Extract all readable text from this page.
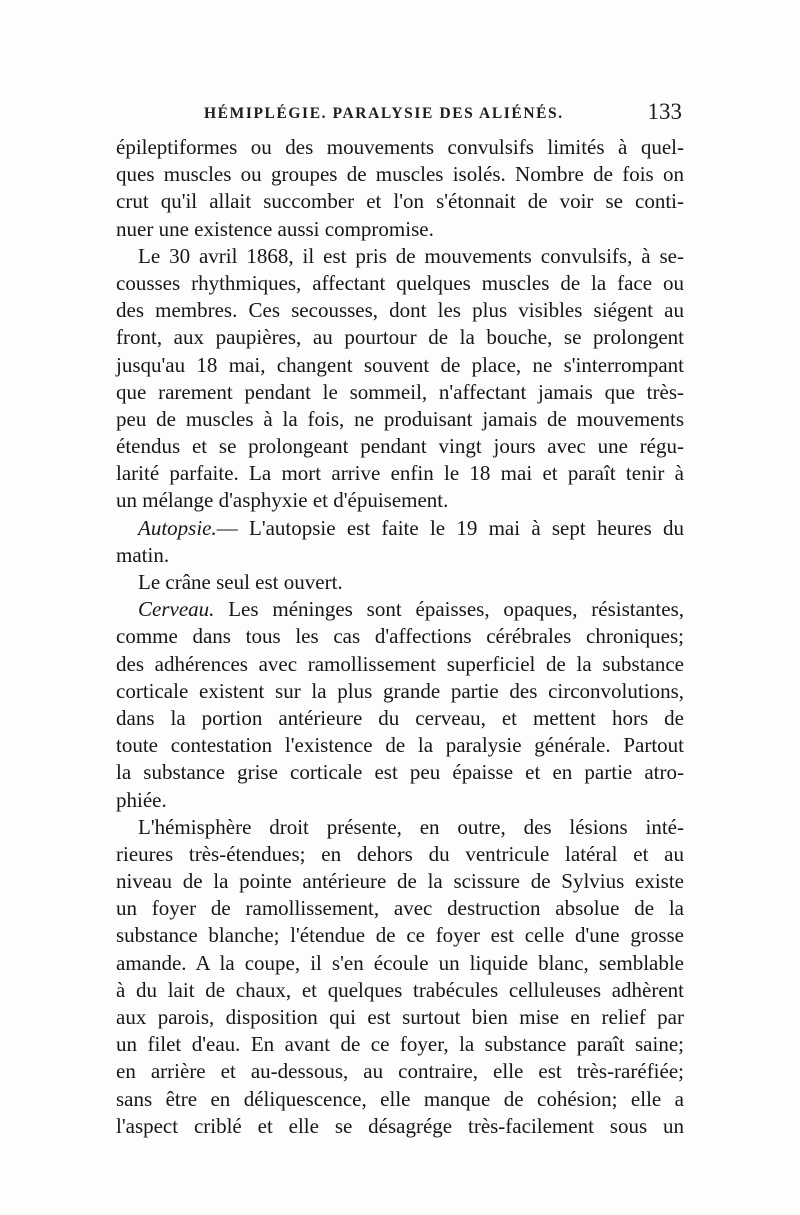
HÉMIPLÉGIE. PARALYSIE DES ALIÉNÉS.	133
épileptiformes ou des mouvements convulsifs limités à quel-
ques muscles ou groupes de muscles isolés. Nombre de fois on
crut qu'il allait succomber et l'on s'étonnait de voir se conti-
nuer une existence aussi compromise.
Le 30 avril 1868, il est pris de mouvements convulsifs, à se-
cousses rhythmiques, affectant quelques muscles de la face ou
des membres. Ces secousses, dont les plus visibles siégent au
front, aux paupières, au pourtour de la bouche, se prolongent
jusqu'au 18 mai, changent souvent de place, ne s'interrompant
que rarement pendant le sommeil, n'affectant jamais que très-
peu de muscles à la fois, ne produisant jamais de mouvements
étendus et se prolongeant pendant vingt jours avec une régu-
larité parfaite. La mort arrive enfin le 18 mai et paraît tenir à
un mélange d'asphyxie et d'épuisement.
Autopsie.— L'autopsie est faite le 19 mai à sept heures du
matin.
Le crâne seul est ouvert.
Cerveau. Les méninges sont épaisses, opaques, résistantes,
comme dans tous les cas d'affections cérébrales chroniques;
des adhérences avec ramollissement superficiel de la substance
corticale existent sur la plus grande partie des circonvolutions,
dans la portion antérieure du cerveau, et mettent hors de
toute contestation l'existence de la paralysie générale. Partout
la substance grise corticale est peu épaisse et en partie atro-
phiée.
L'hémisphère droit présente, en outre, des lésions inté-
rieures très-étendues; en dehors du ventricule latéral et au
niveau de la pointe antérieure de la scissure de Sylvius existe
un foyer de ramollissement, avec destruction absolue de la
substance blanche; l'étendue de ce foyer est celle d'une grosse
amande. A la coupe, il s'en écoule un liquide blanc, semblable
à du lait de chaux, et quelques trabécules celluleuses adhèrent
aux parois, disposition qui est surtout bien mise en relief par
un filet d'eau. En avant de ce foyer, la substance paraît saine;
en arrière et au-dessous, au contraire, elle est très-raréfiée;
sans être en déliquescence, elle manque de cohésion; elle a
l'aspect criblé et elle se désagrége très-facilement sous un
